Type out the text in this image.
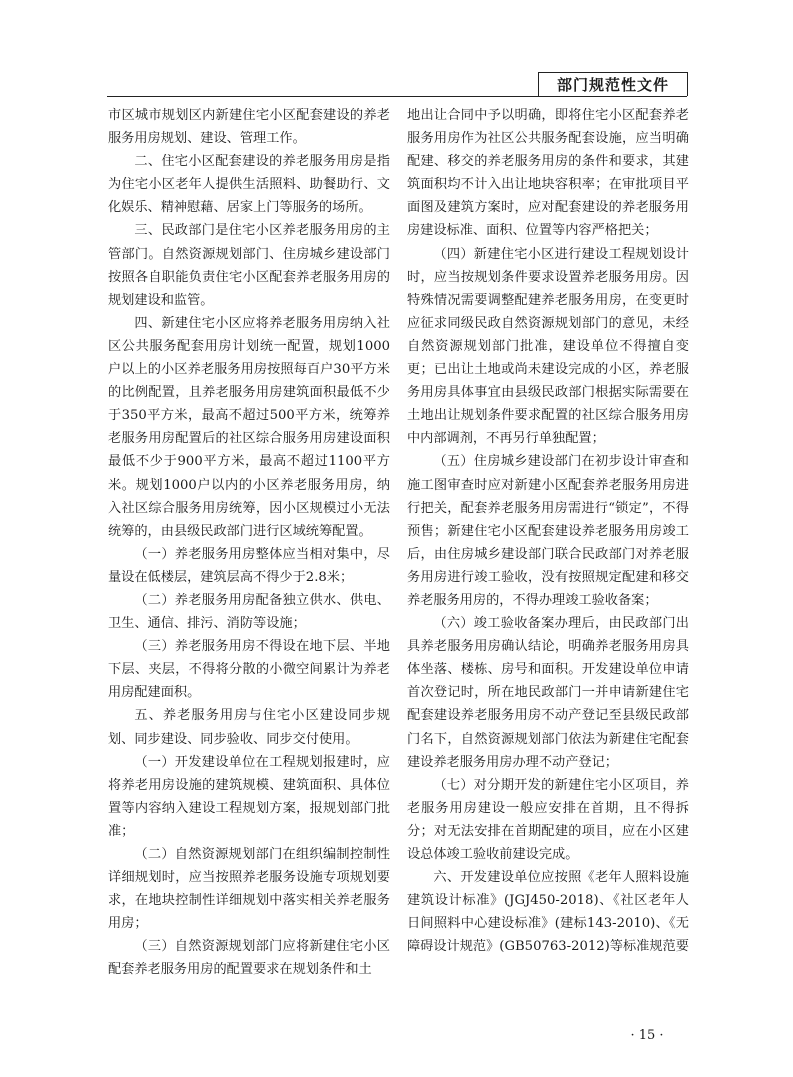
部门规范性文件

市区城市规划区内新建住宅小区配套建设的养老服务用房规划、建设、管理工作。

二、住宅小区配套建设的养老服务用房是指为住宅小区老年人提供生活照料、助餐助行、文化娱乐、精神慰藉、居家上门等服务的场所。

三、民政部门是住宅小区养老服务用房的主管部门。自然资源规划部门、住房城乡建设部门按照各自职能负责住宅小区配套养老服务用房的规划建设和监管。

四、新建住宅小区应将养老服务用房纳入社区公共服务配套用房计划统一配置，规划1000户以上的小区养老服务用房按照每百户30平方米的比例配置，且养老服务用房建筑面积最低不少于350平方米，最高不超过500平方米，统筹养老服务用房配置后的社区综合服务用房建设面积最低不少于900平方米，最高不超过1100平方米。规划1000户以内的小区养老服务用房，纳入社区综合服务用房统筹，因小区规模过小无法统筹的，由县级民政部门进行区域统筹配置。

（一）养老服务用房整体应当相对集中，尽量设在低楼层，建筑层高不得少于2.8米；

（二）养老服务用房配备独立供水、供电、卫生、通信、排污、消防等设施；

（三）养老服务用房不得设在地下层、半地下层、夹层，不得将分散的小微空间累计为养老用房配建面积。

五、养老服务用房与住宅小区建设同步规划、同步建设、同步验收、同步交付使用。

（一）开发建设单位在工程规划报建时，应将养老用房设施的建筑规模、建筑面积、具体位置等内容纳入建设工程规划方案，报规划部门批准；

（二）自然资源规划部门在组织编制控制性详细规划时，应当按照养老服务设施专项规划要求，在地块控制性详细规划中落实相关养老服务用房；

（三）自然资源规划部门应将新建住宅小区配套养老服务用房的配置要求在规划条件和土

地出让合同中予以明确，即将住宅小区配套养老服务用房作为社区公共服务配套设施，应当明确配建、移交的养老服务用房的条件和要求，其建筑面积均不计入出让地块容积率；在审批项目平面图及建筑方案时，应对配套建设的养老服务用房建设标准、面积、位置等内容严格把关；

（四）新建住宅小区进行建设工程规划设计时，应当按规划条件要求设置养老服务用房。因特殊情况需要调整配建养老服务用房，在变更时应征求同级民政自然资源规划部门的意见，未经自然资源规划部门批准，建设单位不得擅自变更；已出让土地或尚未建设完成的小区，养老服务用房具体事宜由县级民政部门根据实际需要在土地出让规划条件要求配置的社区综合服务用房中内部调剂，不再另行单独配置；

（五）住房城乡建设部门在初步设计审查和施工图审查时应对新建小区配套养老服务用房进行把关，配套养老服务用房需进行“锁定”，不得预售；新建住宅小区配套建设养老服务用房竣工后，由住房城乡建设部门联合民政部门对养老服务用房进行竣工验收，没有按照规定配建和移交养老服务用房的，不得办理竣工验收备案；

（六）竣工验收备案办理后，由民政部门出具养老服务用房确认结论，明确养老服务用房具体坐落、楼栋、房号和面积。开发建设单位申请首次登记时，所在地民政部门一并申请新建住宅配套建设养老服务用房不动产登记至县级民政部门名下，自然资源规划部门依法为新建住宅配套建设养老服务用房办理不动产登记；

（七）对分期开发的新建住宅小区项目，养老服务用房建设一般应安排在首期，且不得拆分；对无法安排在首期配建的项目，应在小区建设总体竣工验收前建设完成。

六、开发建设单位应按照《老年人照料设施建筑设计标准》(JGJ450-2018)、《社区老年人日间照料中心建设标准》(建标143-2010)、《无障碍设计规范》(GB50763-2012)等标准规范要

· 15 ·
